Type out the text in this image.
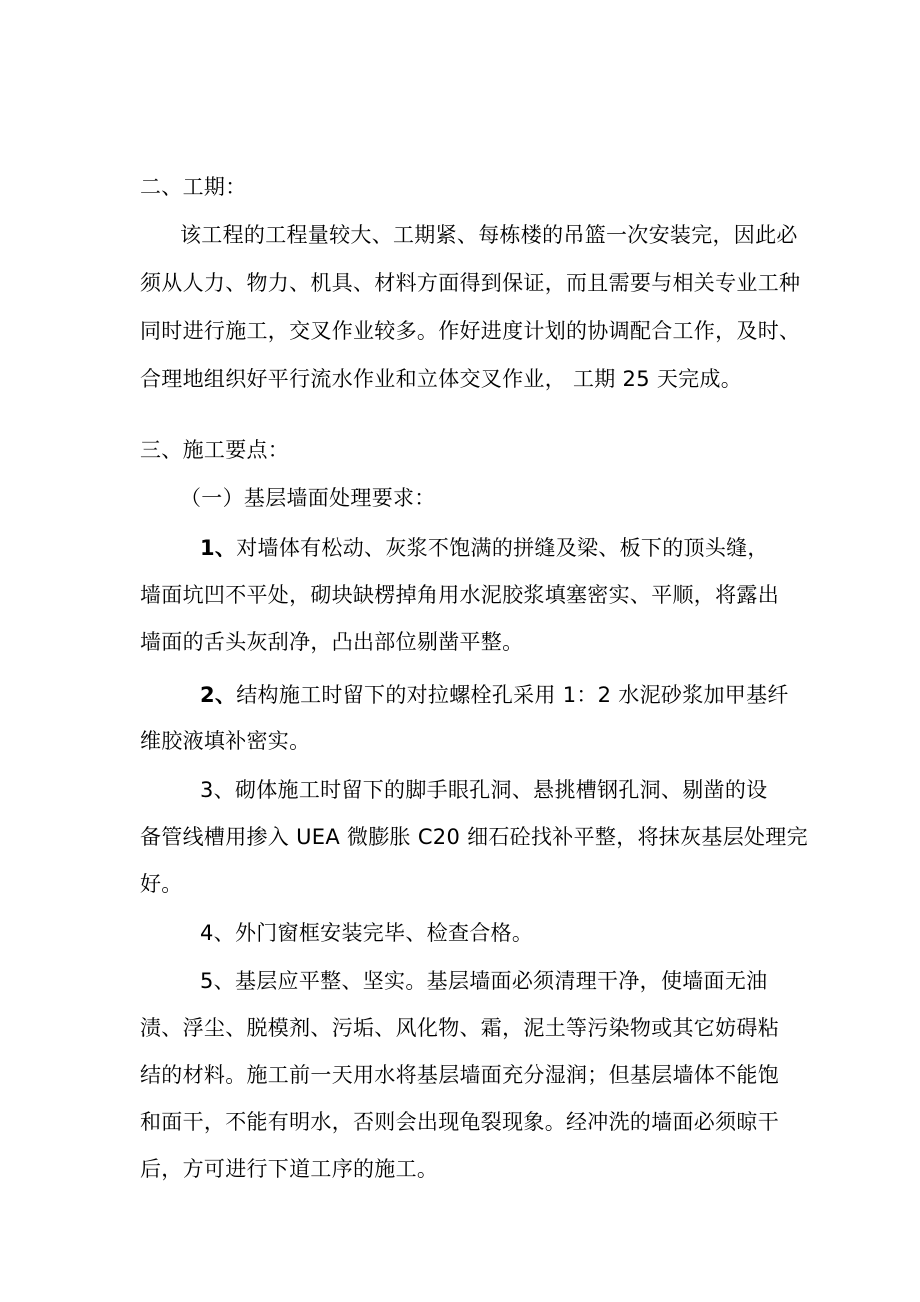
二、工期：
该工程的工程量较大、工期紧、每栋楼的吊篮一次安装完，因此必
须从人力、物力、机具、材料方面得到保证，而且需要与相关专业工种
同时进行施工，交叉作业较多。作好进度计划的协调配合工作，及时、
合理地组织好平行流水作业和立体交叉作业， 工期 25 天完成。
三、施工要点：
（一）基层墙面处理要求：
1、对墙体有松动、灰浆不饱满的拼缝及梁、板下的顶头缝，
墙面坑凹不平处，砌块缺楞掉角用水泥胶浆填塞密实、平顺，将露出
墙面的舌头灰刮净，凸出部位剔凿平整。
2、结构施工时留下的对拉螺栓孔采用 1：2 水泥砂浆加甲基纤
维胶液填补密实。
3、砌体施工时留下的脚手眼孔洞、悬挑槽钢孔洞、剔凿的设
备管线槽用掺入 UEA 微膨胀 C20 细石砼找补平整，将抹灰基层处理完
好。
4、外门窗框安装完毕、检查合格。
5、基层应平整、坚实。基层墙面必须清理干净，使墙面无油
渍、浮尘、脱模剂、污垢、风化物、霜，泥土等污染物或其它妨碍粘
结的材料。施工前一天用水将基层墙面充分湿润；但基层墙体不能饱
和面干，不能有明水，否则会出现龟裂现象。经冲洗的墙面必须晾干
后，方可进行下道工序的施工。
